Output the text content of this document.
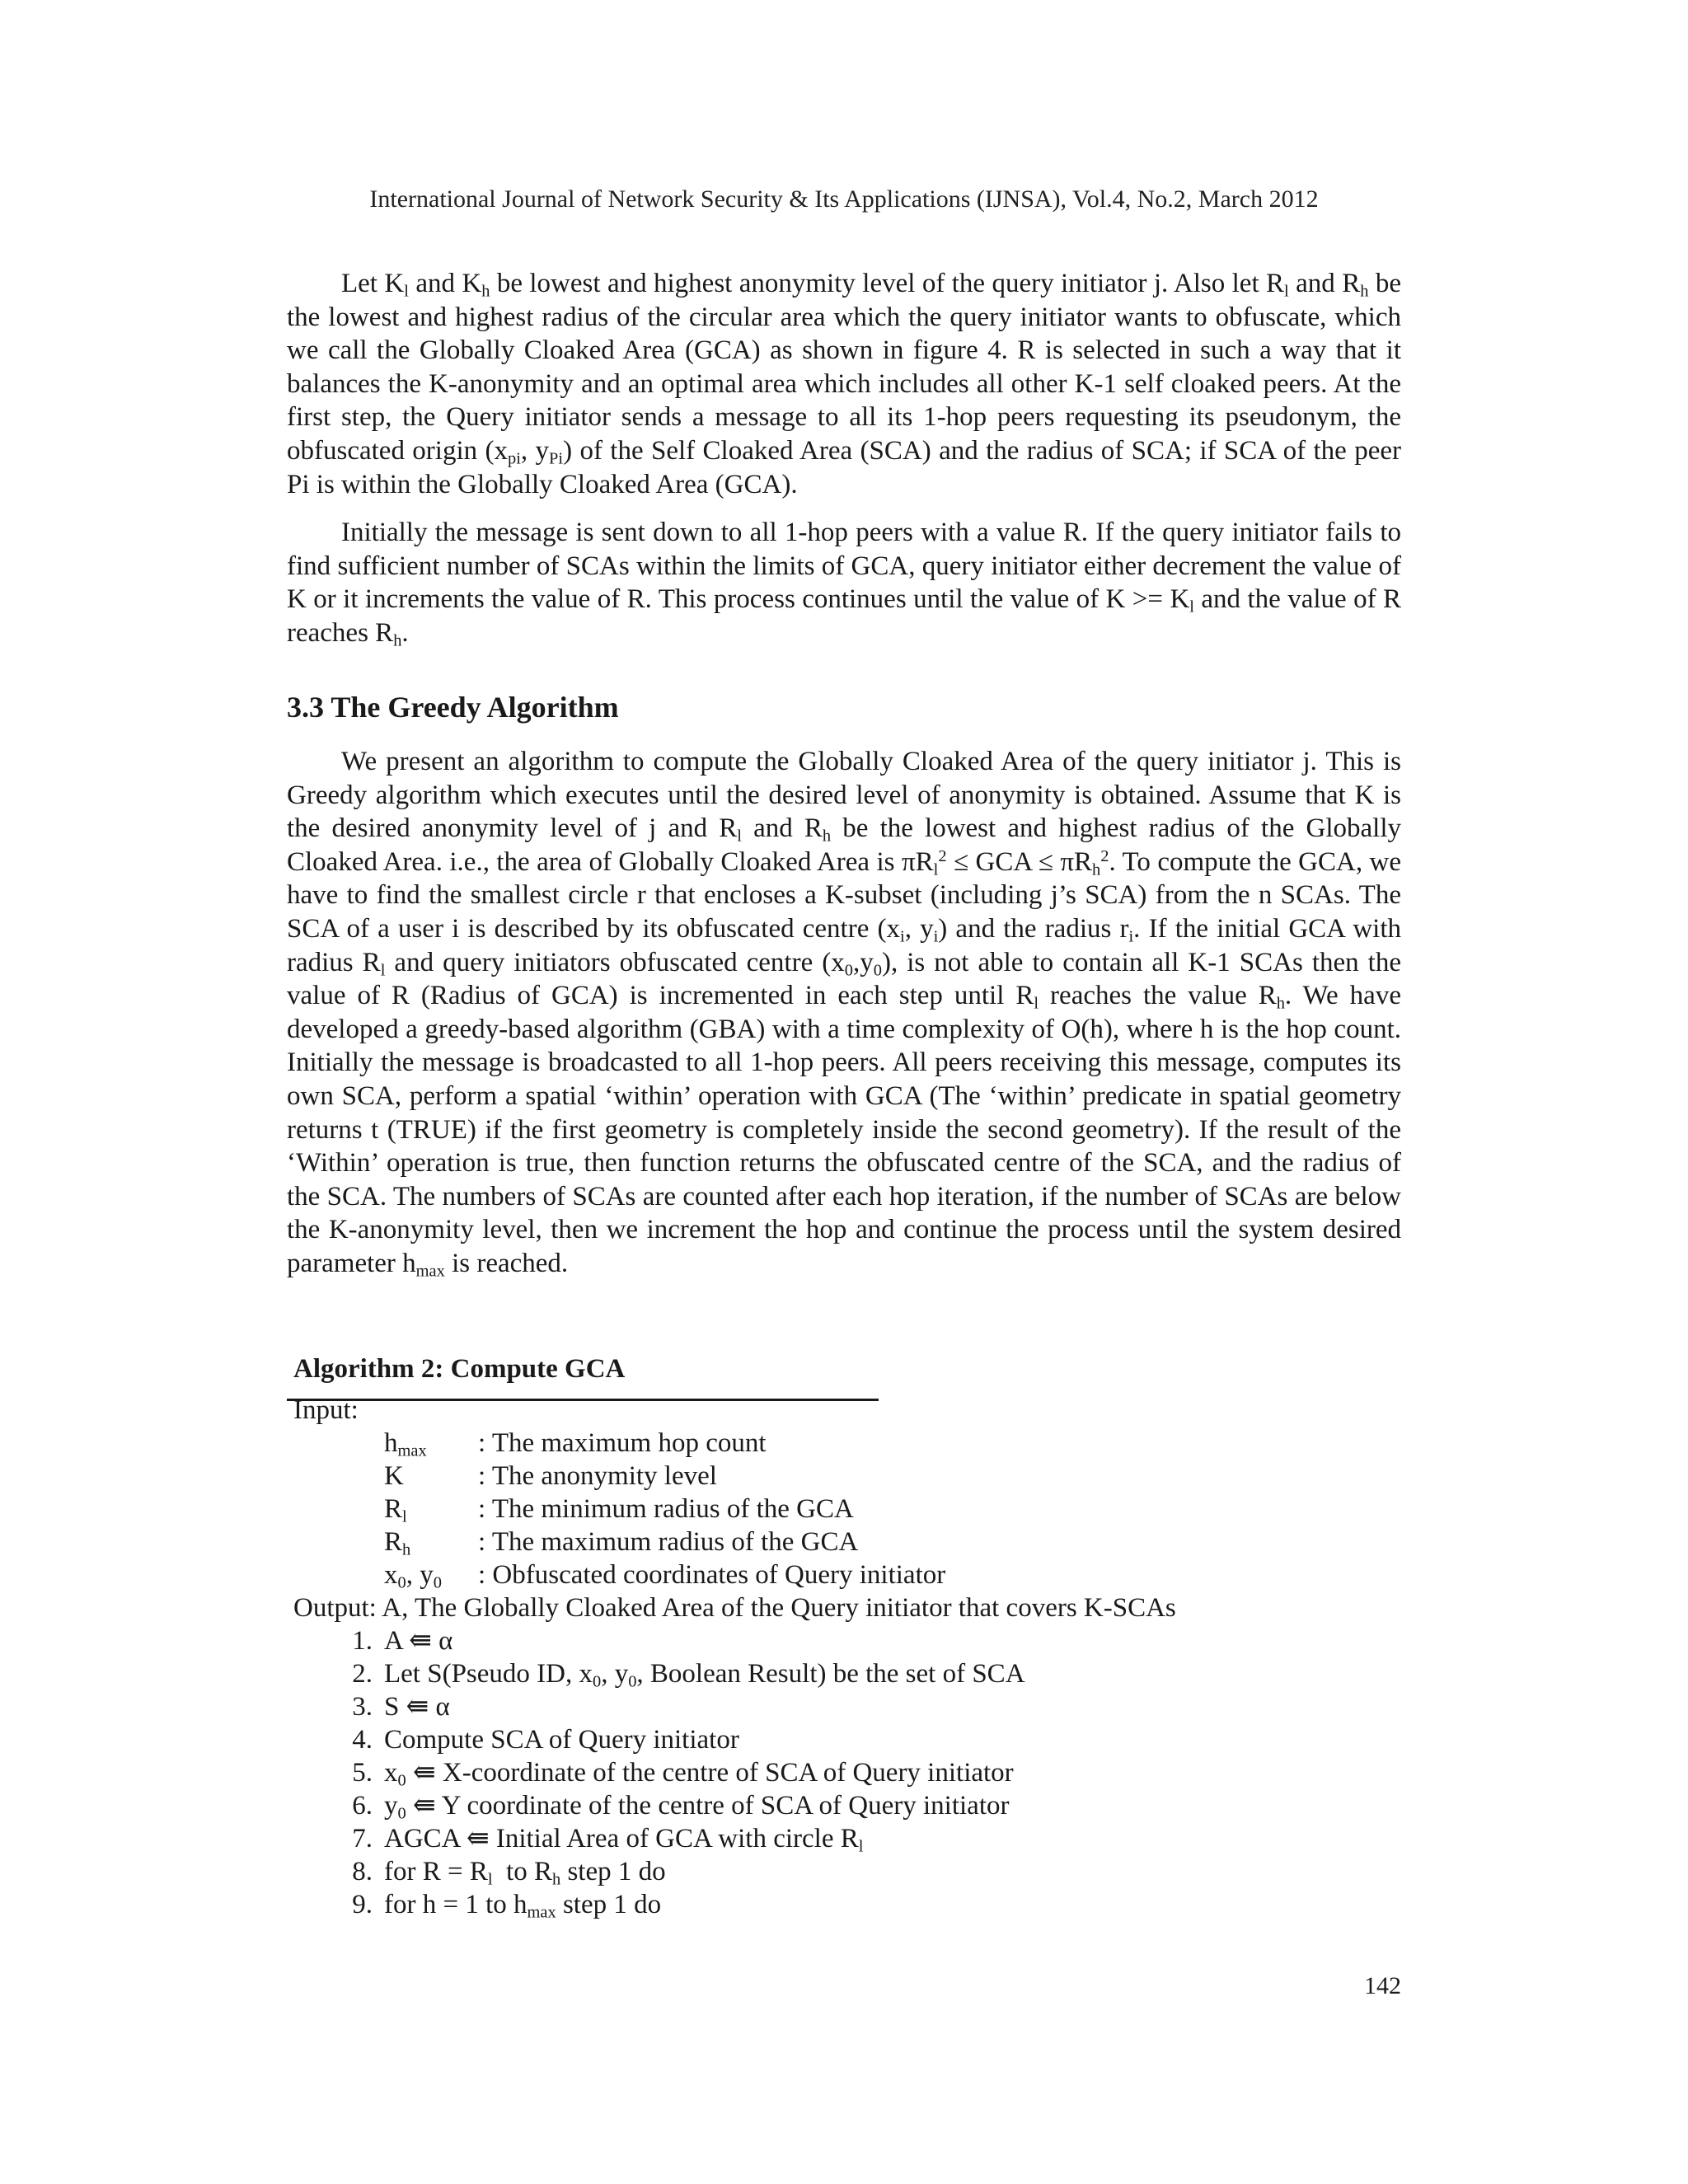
International Journal of Network Security & Its Applications (IJNSA), Vol.4, No.2, March 2012

Let $K_l$ and $K_h$ be lowest and highest anonymity level of the query initiator j. Also let $R_l$ and $R_h$ be the lowest and highest radius of the circular area which the query initiator wants to obfuscate, which we call the Globally Cloaked Area (GCA) as shown in figure 4. R is selected in such a way that it balances the K-anonymity and an optimal area which includes all other K-1 self cloaked peers. At the first step, the Query initiator sends a message to all its 1-hop peers requesting its pseudonym, the obfuscated origin ($x_{pi}$, $y_{Pi}$) of the Self Cloaked Area (SCA) and the radius of SCA; if SCA of the peer Pi is within the Globally Cloaked Area (GCA).

Initially the message is sent down to all 1-hop peers with a value R. If the query initiator fails to find sufficient number of SCAs within the limits of GCA, query initiator either decrement the value of K or it increments the value of R. This process continues until the value of $K >= K_l$ and the value of R reaches $R_h$.

3.3 The Greedy Algorithm

We present an algorithm to compute the Globally Cloaked Area of the query initiator j. This is Greedy algorithm which executes until the desired level of anonymity is obtained. Assume that K is the desired anonymity level of j and $R_l$ and $R_h$ be the lowest and highest radius of the Globally Cloaked Area. i.e., the area of Globally Cloaked Area is $\pi R_l^2$ ≤ GCA ≤ $\pi R_h^2$. To compute the GCA, we have to find the smallest circle r that encloses a K-subset (including j’s SCA) from the n SCAs. The SCA of a user i is described by its obfuscated centre ($x_i$, $y_i$) and the radius $r_i$. If the initial GCA with radius $R_l$ and query initiators obfuscated centre $(x_0,y_0)$, is not able to contain all K-1 SCAs then the value of R (Radius of GCA) is incremented in each step until $R_l$ reaches the value $R_h$. We have developed a greedy-based algorithm (GBA) with a time complexity of O(h), where h is the hop count. Initially the message is broadcasted to all 1-hop peers. All peers receiving this message, computes its own SCA, perform a spatial ‘within’ operation with GCA (The ‘within’ predicate in spatial geometry returns t (TRUE) if the first geometry is completely inside the second geometry). If the result of the ‘Within’ operation is true, then function returns the obfuscated centre of the SCA, and the radius of the SCA. The numbers of SCAs are counted after each hop iteration, if the number of SCAs are below the K-anonymity level, then we increment the hop and continue the process until the system desired parameter $h_{max}$ is reached.

Algorithm 2: Compute GCA
Input:
$h_{max}$ : The maximum hop count
K	: The anonymity level
$R_l$	: The minimum radius of the GCA
$R_h$ : The maximum radius of the GCA
$x_0$, $y_0$ : Obfuscated coordinates of Query initiator
Output: A, The Globally Cloaked Area of the Query initiator that covers K-SCAs
1. A ⇚ α
2. Let S(Pseudo ID, $x_0$, $y_0$, Boolean Result) be the set of SCA
3. S ⇚ α
4. Compute SCA of Query initiator
5. $x_0$ ⇚ X-coordinate of the centre of SCA of Query initiator
6. $y_0$ ⇚ Y coordinate of the centre of SCA of Query initiator
7. AGCA ⇚ Initial Area of GCA with circle $R_l$
8. for $R = R_l$  to $R_h$ step 1 do
9. for h = 1 to $h_{max}$ step 1 do
142
